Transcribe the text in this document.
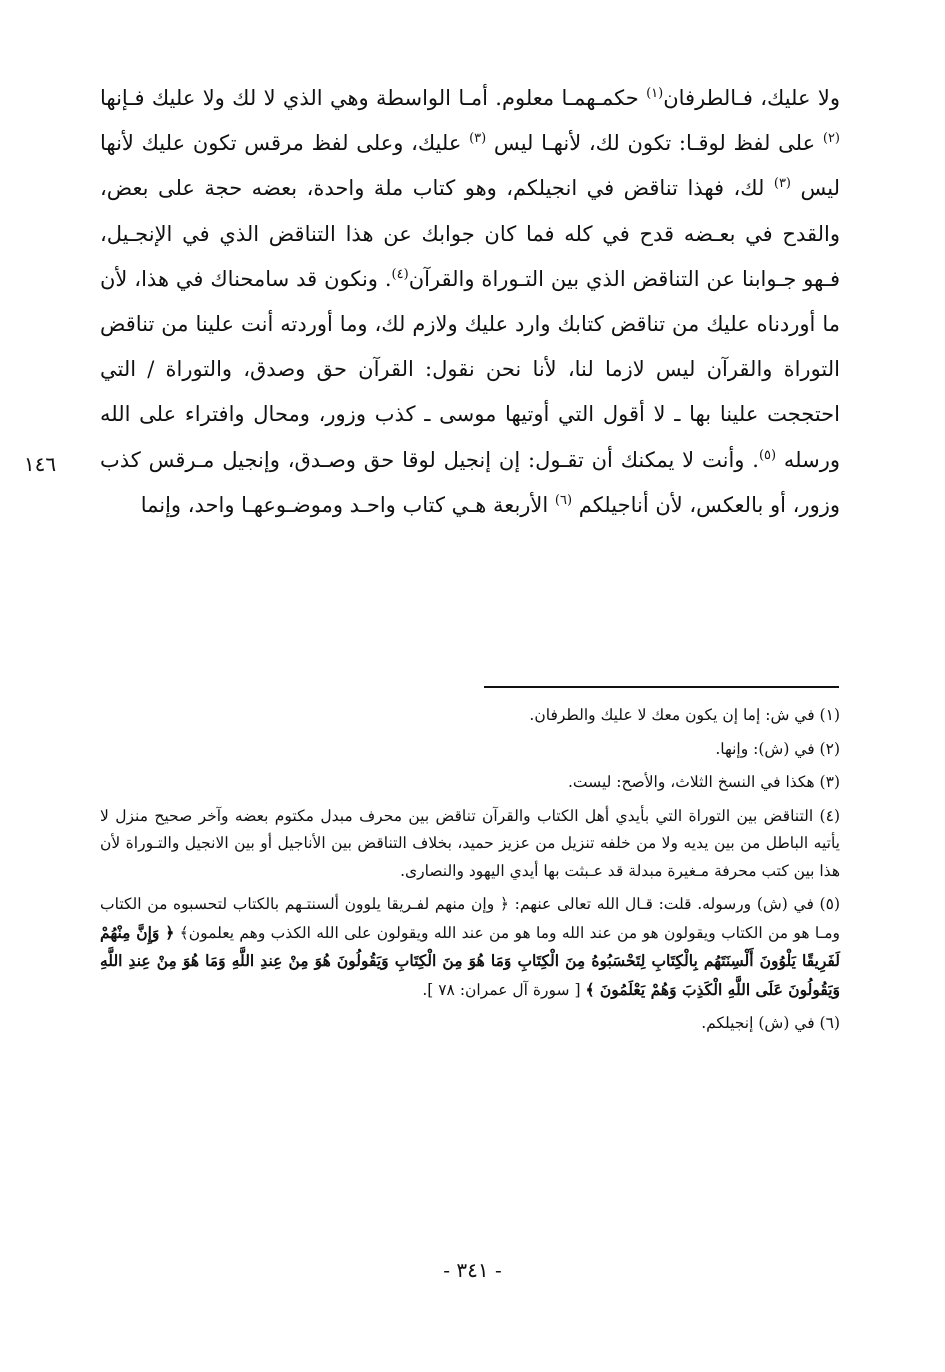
ولا عليك، فـالطرفان$^{(١)}$ حكمـهمـا معلوم. أمـا الواسطة وهي الذي لا لك ولا عليك فـإنها $^{(٢)}$ على لفظ لوقـا: تكون لك، لأنهـا ليس $^{(٣)}$ عليك، وعلى لفظ مرقس تكون عليك لأنها ليس $^{(٣)}$ لك، فهذا تناقض في انجيلكم، وهو كتاب ملة واحدة، بعضه حجة على بعض، والقدح في بعـضه قدح في كله فما كان جوابك عن هذا التناقض الذي في الإنجـيل، فـهو جـوابنا عن التناقض الذي بين التـوراة والقرآن$^{(٤)}$. ونكون قد سامحناك في هذا، لأن ما أوردناه عليك من تناقض كتابك وارد عليك ولازم لك، وما أوردته أنت علينا من تناقض التوراة والقرآن ليس لازما لنا، لأنا نحن نقول: القرآن حق وصدق، والتوراة / التي احتججت علينا بها ـ لا أقول التي أوتيها موسى ـ كذب وزور، ومحال وافتراء على الله ورسله $^{(٥)}$. وأنت لا يمكنك أن تقـول: إن إنجيل لوقا حق وصـدق، وإنجيل مـرقس كذب وزور، أو بالعكس، لأن أناجيلكم $^{(٦)}$ الأربعة هـي كتاب واحـد وموضـوعهـا واحد، وإنما

١٤٦

(١) في ش: إما إن يكون معك لا عليك والطرفان.

(٢) في (ش): وإنها.

(٣) هكذا في النسخ الثلاث، والأصح: ليست.

(٤) التناقض بين التوراة التي بأيدي أهل الكتاب والقرآن تناقض بين محرف مبدل مكتوم بعضه وآخر صحيح منزل لا يأتيه الباطل من بين يديه ولا من خلفه تنزيل من عزيز حميد، بخلاف التناقض بين الأناجيل أو بين الانجيل والتـوراة لأن هذا بين كتب محرفة مـغيرة مبدلة قد عـبثت بها أيدي اليهود والنصارى.

(٥) في (ش) ورسوله. قلت: قـال الله تعالى عنهم: ﴿ وإن منهم لفـريقا يلوون ألسنتـهم بالكتاب لتحسبوه من الكتاب ومـا هو من الكتاب ويقولون هو من عند الله وما هو من عند الله ويقولون على الله الكذب وهم يعلمون﴾ ﴿ وَإِنَّ مِنْهُمْ لَفَرِيقًا يَلْوُونَ أَلْسِنَتَهُم بِالْكِتَابِ لِتَحْسَبُوهُ مِنَ الْكِتَابِ وَمَا هُوَ مِنَ الْكِتَابِ وَيَقُولُونَ هُوَ مِنْ عِندِ اللَّهِ وَمَا هُوَ مِنْ عِندِ اللَّهِ وَيَقُولُونَ عَلَى اللَّهِ الْكَذِبَ وَهُمْ يَعْلَمُونَ ﴾ [ سورة آل عمران: ٧٨ ].

(٦) في (ش) إنجيلكم.

- ٣٤١ -
